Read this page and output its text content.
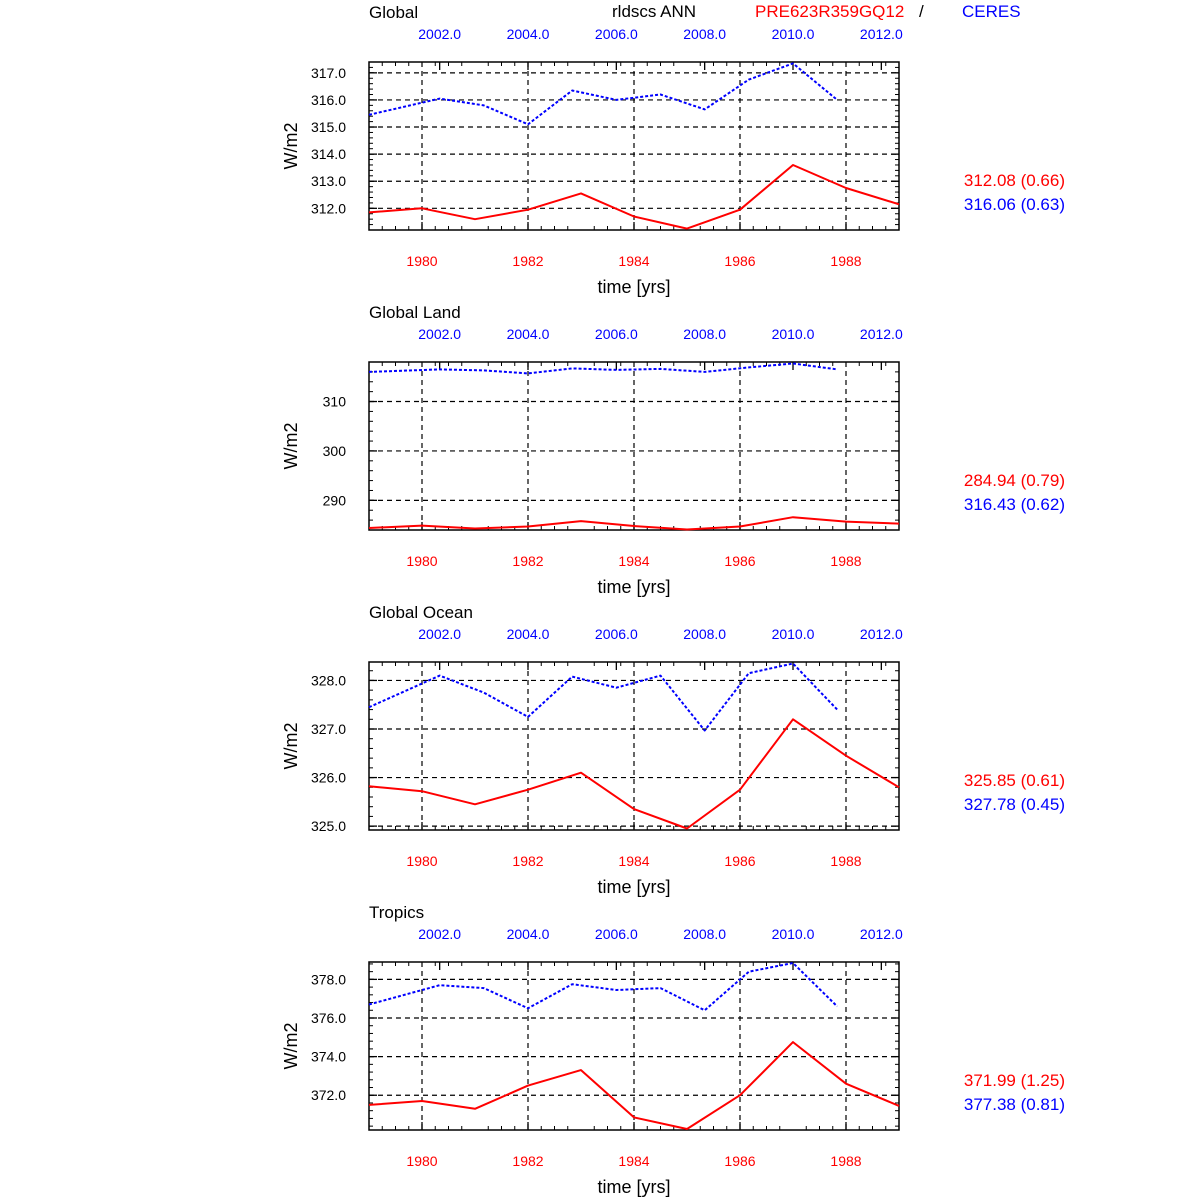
rldscs ANN	PRE623R359GQ12 / CERES
Global
1980	1982	1984	1986	1988
2002.0	2004.0	2006.0	2008.0	2010.0	2012.0
312.0
313.0
314.0
315.0
316.0
317.0
time [yrs]
W/m2
312.08 (0.66)
316.06 (0.63)
Global Land
1980	1982	1984	1986	1988
2002.0	2004.0	2006.0	2008.0	2010.0	2012.0
290
300
310
time [yrs]
W/m2
284.94 (0.79)
316.43 (0.62)
Global Ocean
1980	1982	1984	1986	1988
2002.0	2004.0	2006.0	2008.0	2010.0	2012.0
325.0
326.0
327.0
328.0
time [yrs]
W/m2
325.85 (0.61)
327.78 (0.45)
Tropics
1980	1982	1984	1986	1988
2002.0	2004.0	2006.0	2008.0	2010.0	2012.0
372.0
374.0
376.0
378.0
time [yrs]
W/m2
371.99 (1.25)
377.38 (0.81)
